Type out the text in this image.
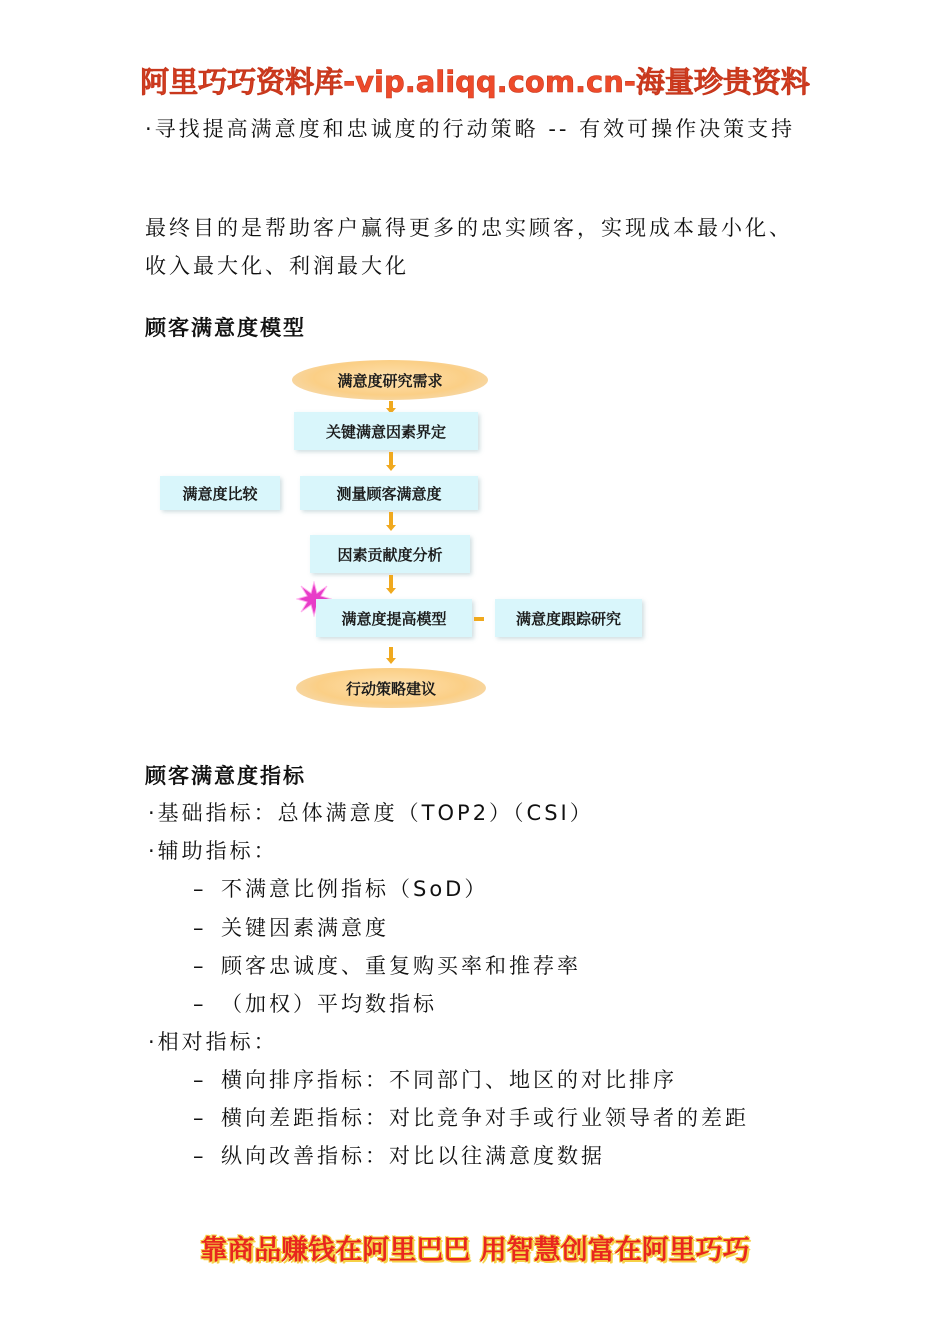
阿里巧巧资料库-vip.aliqq.com.cn-海量珍贵资料

·寻找提高满意度和忠诚度的行动策略 -- 有效可操作决策支持

最终目的是帮助客户赢得更多的忠实顾客，实现成本最小化、收入最大化、利润最大化

顾客满意度模型
满意度研究需求
关键满意因素界定
满意度比较	测量顾客满意度
因素贡献度分析
满意度提高模型	满意度跟踪研究
行动策略建议
顾客满意度指标
·基础指标：总体满意度（TOP2）（CSI）
·辅助指标：
– 不满意比例指标（SoD）
– 关键因素满意度
– 顾客忠诚度、重复购买率和推荐率
– （加权）平均数指标
·相对指标：
– 横向排序指标：不同部门、地区的对比排序
– 横向差距指标：对比竞争对手或行业领导者的差距
– 纵向改善指标：对比以往满意度数据
靠商品赚钱在阿里巴巴 用智慧创富在阿里巧巧
